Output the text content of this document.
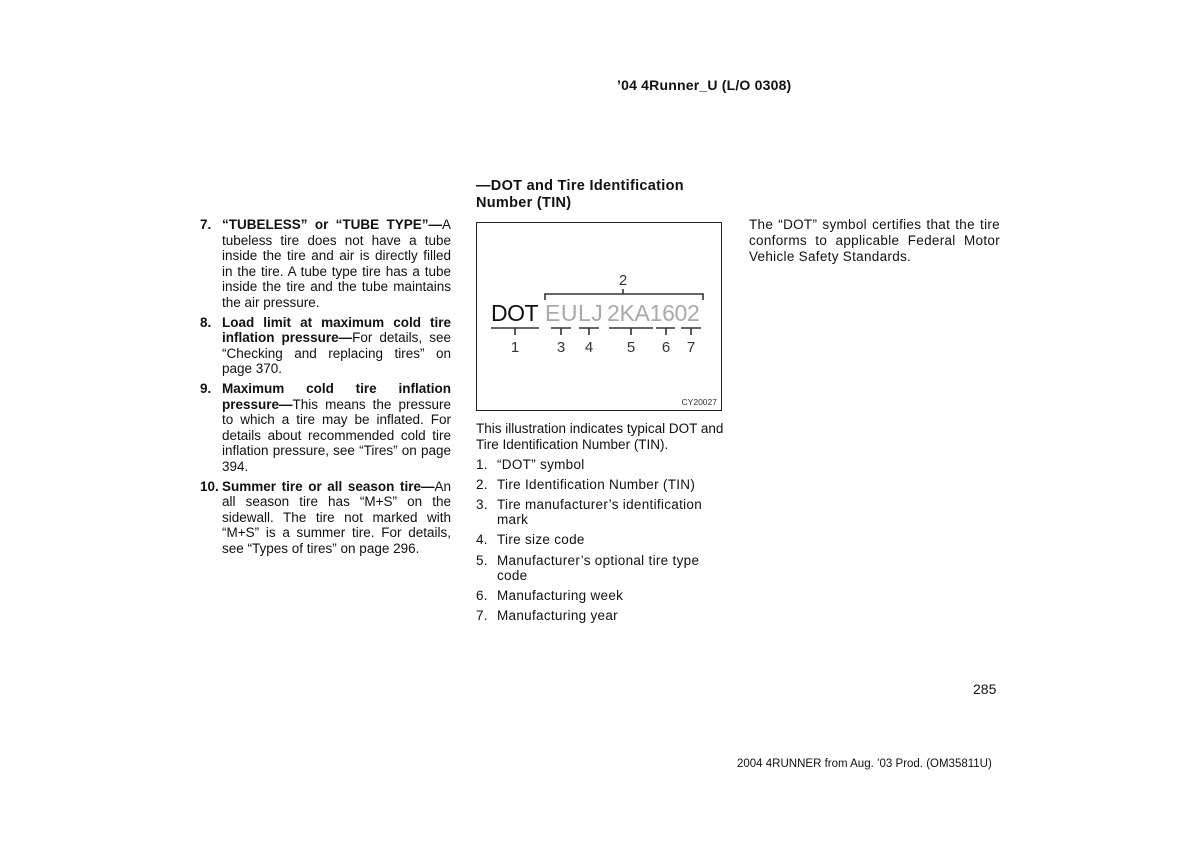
’04 4Runner_U (L/O 0308)
7. “TUBELESS” or “TUBE TYPE”—A tubeless tire does not have a tube inside the tire and air is directly filled in the tire. A tube type tire has a tube inside the tire and the tube maintains the air pressure.
8. Load limit at maximum cold tire inflation pressure—For details, see “Checking and replacing tires” on page 370.
9. Maximum cold tire inflation pressure—This means the pressure to which a tire may be inflated. For details about recommended cold tire inflation pressure, see “Tires” on page 394.
10. Summer tire or all season tire—An all season tire has “M+S” on the sidewall. The tire not marked with “M+S” is a summer tire. For details, see “Types of tires” on page 296.
—DOT and Tire Identification Number (TIN)
2
DOT EULJ 2KA1602
1	3 4 5 6 7
CY20027
This illustration indicates typical DOT and Tire Identification Number (TIN).
1. “DOT” symbol
2. Tire Identification Number (TIN)
3. Tire manufacturer’s identification mark
4. Tire size code
5. Manufacturer’s optional tire type code
6. Manufacturing week
7. Manufacturing year
The “DOT” symbol certifies that the tire conforms to applicable Federal Motor Vehicle Safety Standards.
285
2004 4RUNNER from Aug. ’03 Prod. (OM35811U)
